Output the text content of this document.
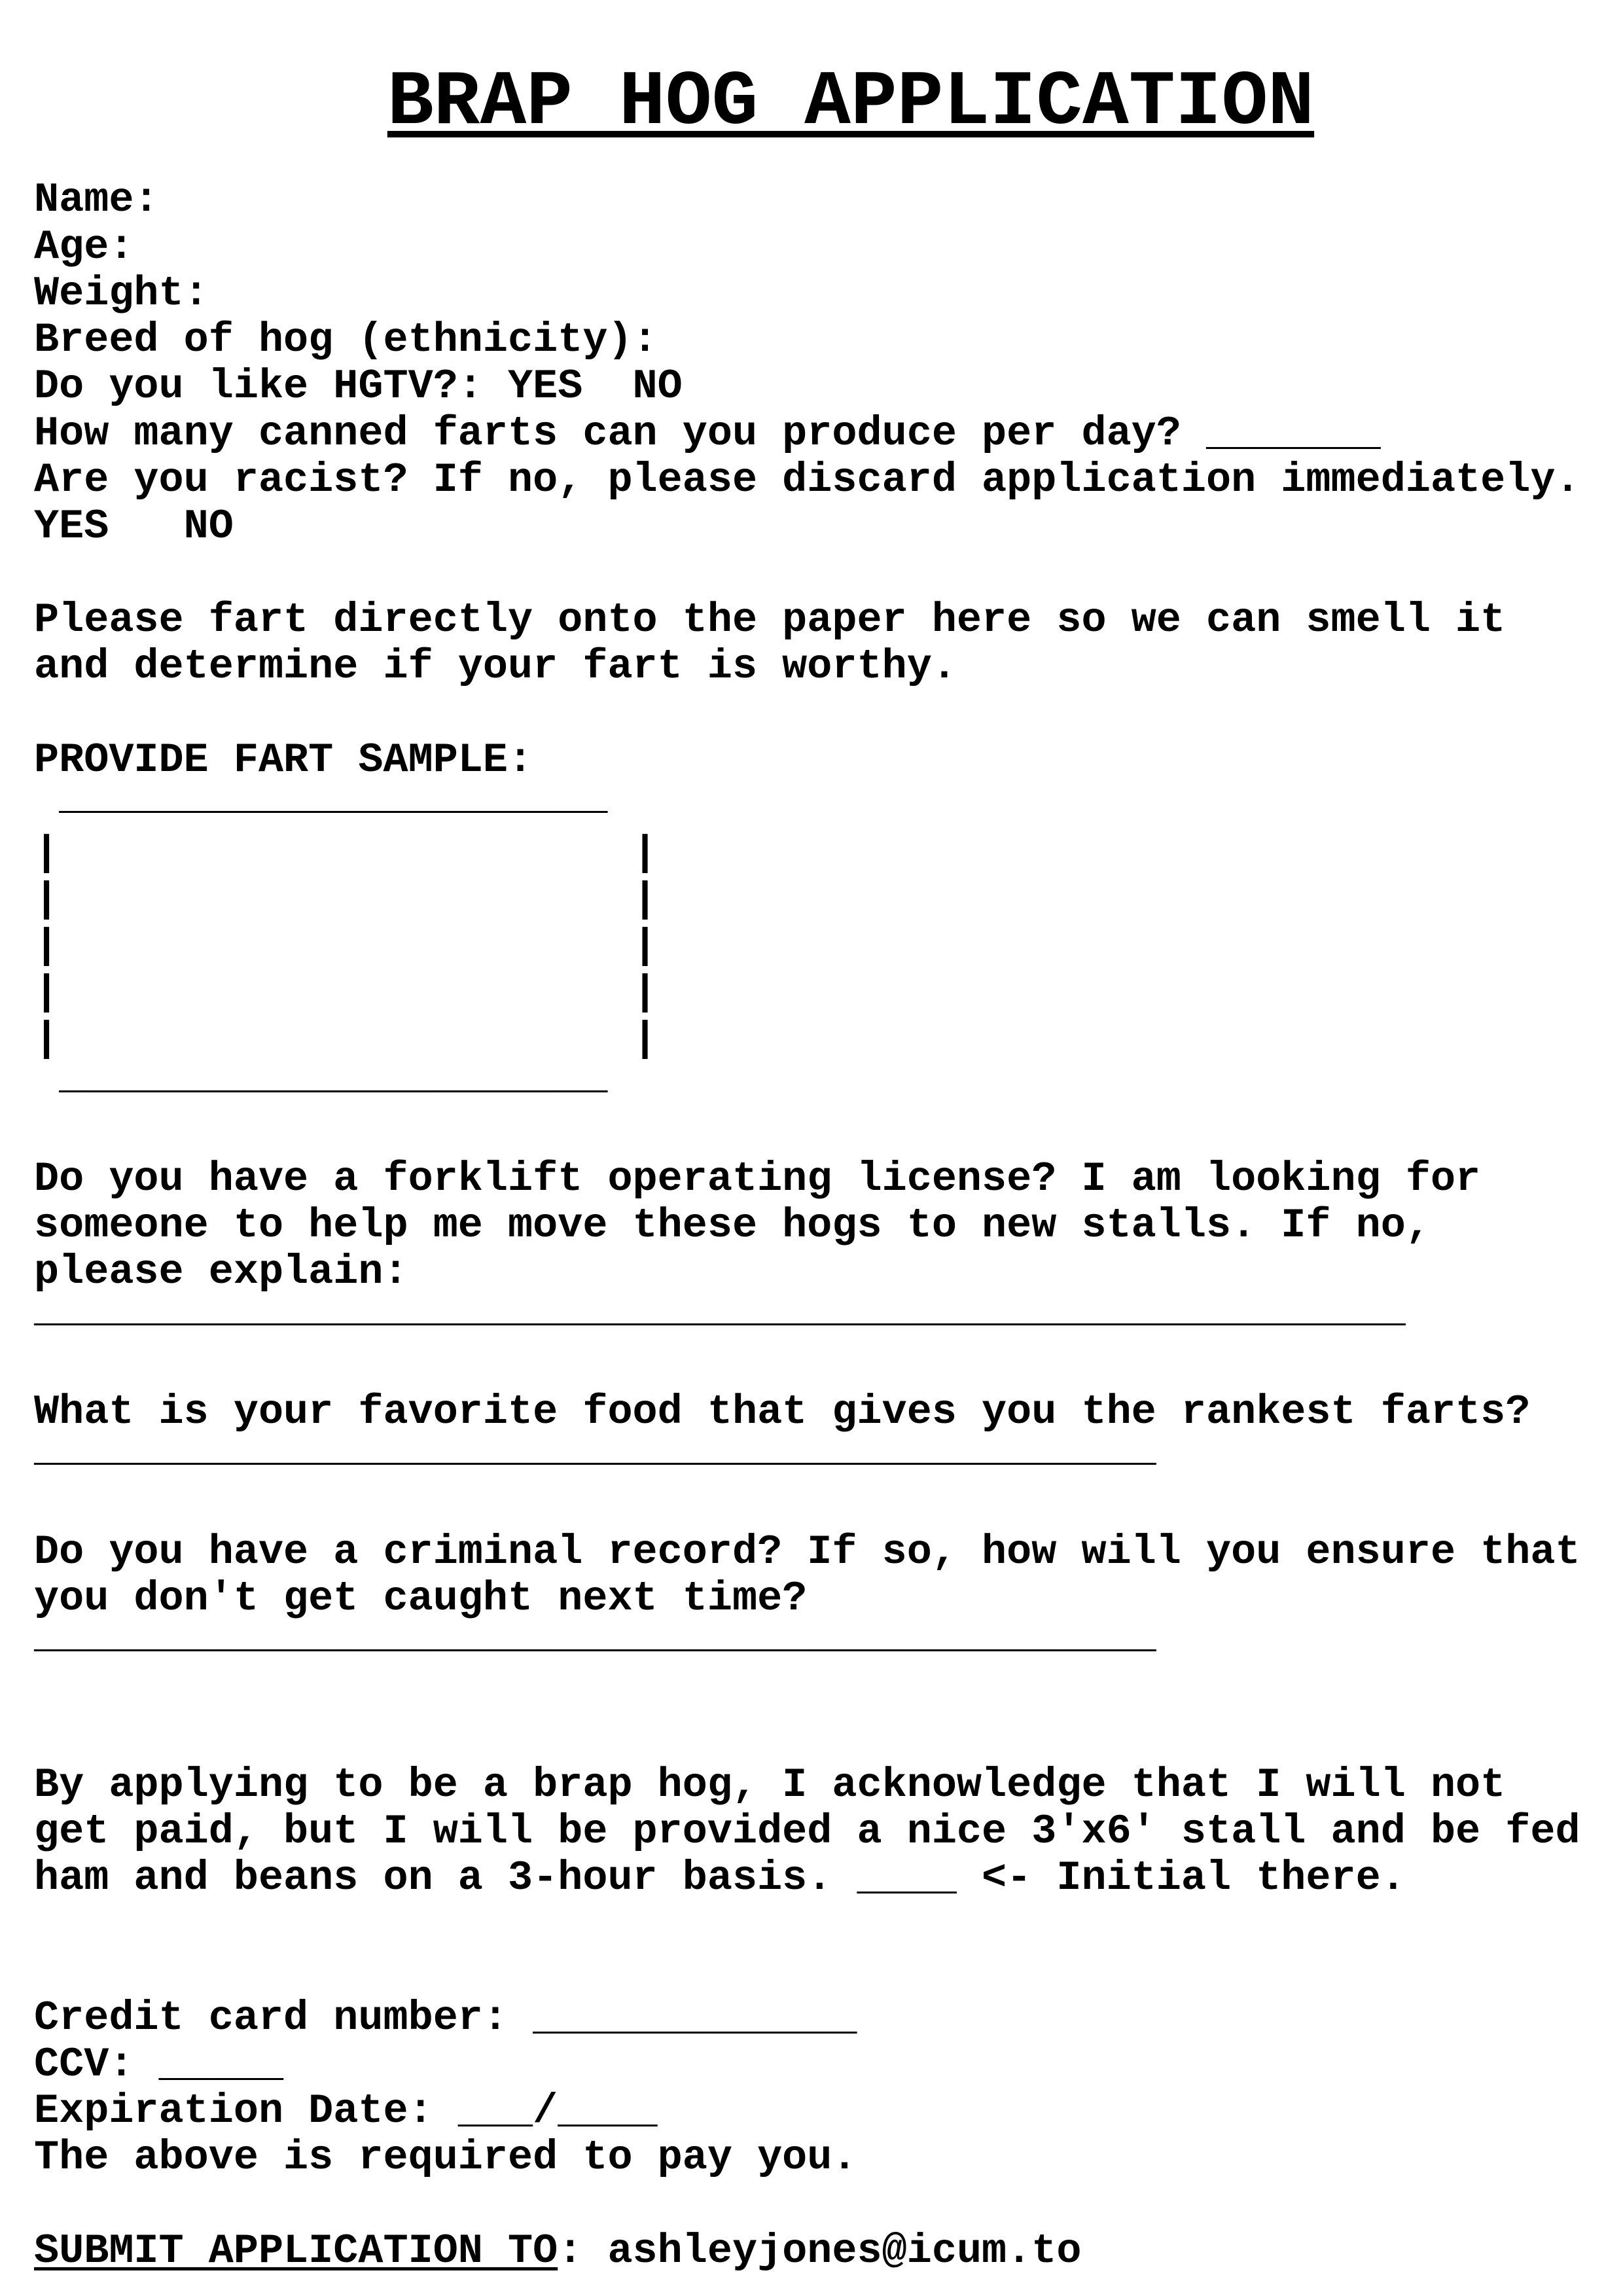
BRAP HOG APPLICATION
Name:
Age:
Weight:
Breed of hog (ethnicity):
Do you like HGTV?: YES  NO
How many canned farts can you produce per day? _______
Are you racist? If no, please discard application immediately.
YES   NO
Please fart directly onto the paper here so we can smell it
and determine if your fart is worthy.
PROVIDE FART SAMPLE:
______________________
|                       |
|                       |
|                       |
|                       |
|                       |
______________________
Do you have a forklift operating license? I am looking for
someone to help me move these hogs to new stalls. If no,
please explain:
_______________________________________________________
What is your favorite food that gives you the rankest farts?
_____________________________________________
Do you have a criminal record? If so, how will you ensure that
you don't get caught next time?
_____________________________________________
By applying to be a brap hog, I acknowledge that I will not
get paid, but I will be provided a nice 3'x6' stall and be fed
ham and beans on a 3-hour basis. ____ <- Initial there.
Credit card number: _____________
CCV: _____
Expiration Date: ___/____
The above is required to pay you.
SUBMIT APPLICATION TO: ashleyjones@icum.to
